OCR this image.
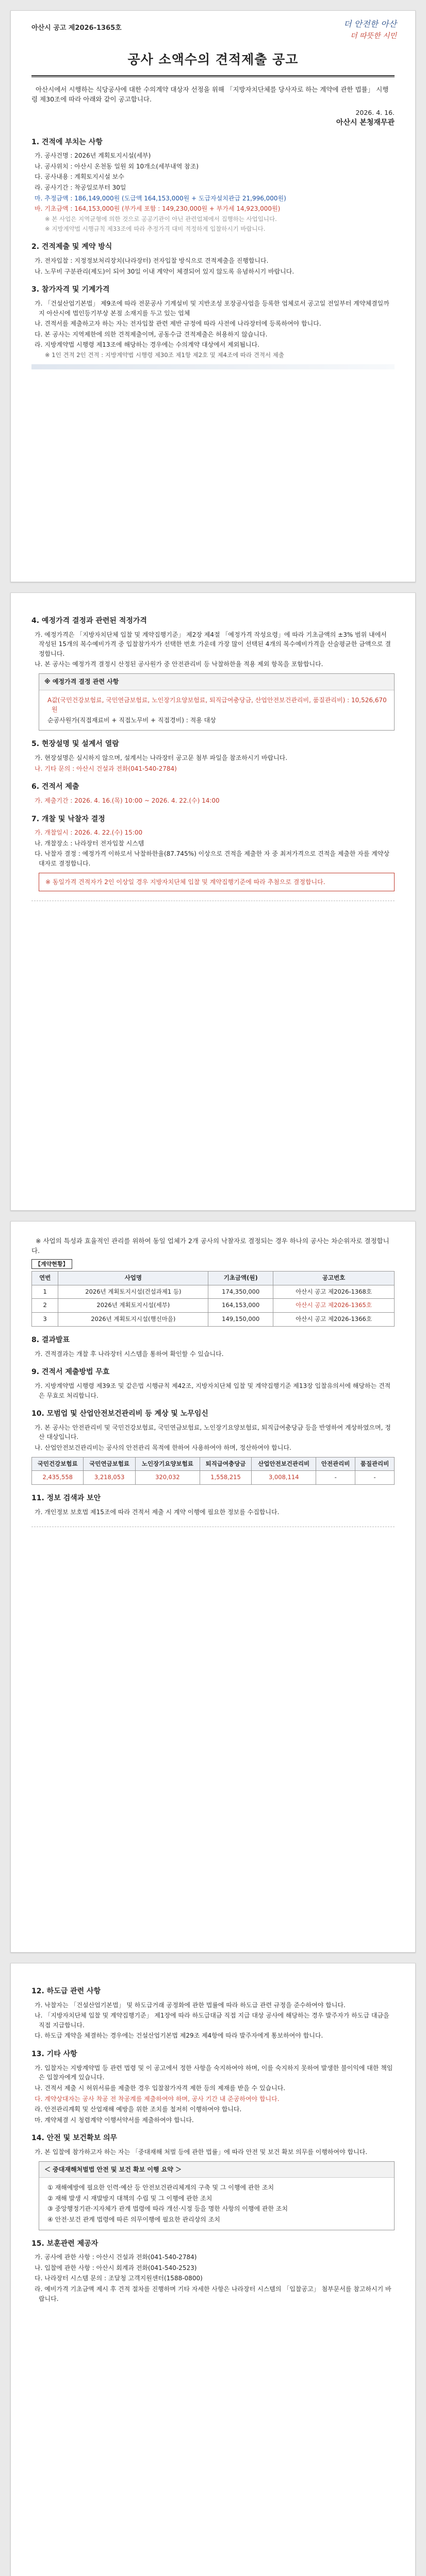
아산시 공고 제2026-1365호	더 안전한 아산
더 따뜻한 시민
공사 소액수의 견적제출 공고
아산시에서 시행하는 식당공사에 대한 수의계약 대상자 선정을 위해 「지방자치단체를 당사자로 하는 계약에 관한 법률」 시행령 제30조에 따라 아래와 같이 공고합니다.
2026. 4. 16.
아산시 본청재무관
1. 견적에 부치는 사항
가. 공사건명 : 2026년 계획토지시설(세부)
나. 공사위치 : 아산시 온천동 일원 외 10개소(세부내역 참조)
다. 공사내용 : 계획토지시설 보수
라. 공사기간 : 착공일로부터 30일
마. 추정금액 : 186,149,000원 (도급액 164,153,000원 + 도급자설치관급 21,996,000원)
바. 기초금액 : 164,153,000원 (부가세 포함 : 149,230,000원 + 부가세 14,923,000원)
※ 본 사업은 지역균형에 의한 것으로 공공기관이 아닌 관련업체에서 집행하는 사업입니다.
※ 지방계약법 시행규칙 제33조에 따라 추정가격 대비 적정하게 입찰하시기 바랍니다.
2. 견적제출 및 계약 방식
가. 전자입찰 : 지정정보처리장치(나라장터) 전자입찰 방식으로 견적제출을 진행합니다.
나. 노무비 구분관리(제도)이 되어 30일 이내 계약이 체결되어 있지 않도록 유념하시기 바랍니다.
3. 참가자격 및 기계가격
가. 「건설산업기본법」 제9조에 따라 전문공사 기계설비 및 지반조성 포장공사업을 등록한 업체로서 공고일 전일부터 계약체결일까지 아산시에 법인등기부상 본점 소재지를 두고 있는 업체
나. 견적서를 제출하고자 하는 자는 전자입찰 관련 제반 규정에 따라 사전에 나라장터에 등록하여야 합니다.
다. 본 공사는 지역제한에 의한 견적제출이며, 공동수급 견적제출은 허용하지 않습니다.
라. 지방계약법 시행령 제13조에 해당하는 경우에는 수의계약 대상에서 제외됩니다.
※ 1인 견적 2인 견적 : 지방계약법 시행령 제30조 제1항 제2호 및 제4조에 따라 견적서 제출
4. 예정가격 결정과 관련된 적정가격
가. 예정가격은 「지방자치단체 입찰 및 계약집행기준」 제2장 제4절 「예정가격 작성요령」에 따라 기초금액의 ±3% 범위 내에서 작성된 15개의 복수예비가격 중 입찰참가자가 선택한 번호 가운데 가장 많이 선택된 4개의 복수예비가격을 산술평균한 금액으로 결정합니다.
나. 본 공사는 예정가격 결정시 산정된 공사원가 중 안전관리비 등 낙찰하한율 적용 제외 항목을 포함합니다.
※ 예정가격 결정 관련 사항
A값(국민건강보험료, 국민연금보험료, 노인장기요양보험료, 퇴직급여충당금, 산업안전보건관리비, 품질관리비) : 10,526,670원
순공사원가(직접재료비 + 직접노무비 + 직접경비) : 적용 대상
5. 현장설명 및 설계서 열람
가. 현장설명은 실시하지 않으며, 설계서는 나라장터 공고문 첨부 파일을 참조하시기 바랍니다.
나. 기타 문의 : 아산시 건설과 전화(041-540-2784)
6. 견적서 제출
가. 제출기간 : 2026. 4. 16.(목) 10:00 ~ 2026. 4. 22.(수) 14:00
7. 개찰 및 낙찰자 결정
가. 개찰일시 : 2026. 4. 22.(수) 15:00
나. 개찰장소 : 나라장터 전자입찰 시스템
다. 낙찰자 결정 : 예정가격 이하로서 낙찰하한율(87.745%) 이상으로 견적을 제출한 자 중 최저가격으로 견적을 제출한 자를 계약상대자로 결정합니다.
※ 동일가격 견적자가 2인 이상일 경우 지방자치단체 입찰 및 계약집행기준에 따라 추첨으로 결정합니다.
※ 사업의 특성과 효율적인 관리를 위하여 동일 업체가 2개 공사의 낙찰자로 결정되는 경우 하나의 공사는 차순위자로 결정합니다.
【계약현황】
연번	사업명	기초금액(원)	공고번호
1	2026년 계획토지시설(건설과제1 등)	174,350,000	아산시 공고 제2026-1368호
2	2026년 계획토지시설(세부)	164,153,000	아산시 공고 제2026-1365호
3	2026년 계획토지시설(행신마을)	149,150,000	아산시 공고 제2026-1366호
8. 결과발표
가. 견적결과는 개찰 후 나라장터 시스템을 통하여 확인할 수 있습니다.
9. 견적서 제출방법 무효
가. 지방계약법 시행령 제39조 및 같은법 시행규칙 제42조, 지방자치단체 입찰 및 계약집행기준 제13장 입찰유의서에 해당하는 견적은 무효로 처리합니다.
10. 모범업 및 산업안전보건관리비 등 계상 및 노무임신
가. 본 공사는 안전관리비 및 국민건강보험료, 국민연금보험료, 노인장기요양보험료, 퇴직급여충당금 등을 반영하여 계상하였으며, 정산 대상입니다.
나. 산업안전보건관리비는 공사의 안전관리 목적에 한하여 사용하여야 하며, 정산하여야 합니다.
국민건강보험료	국민연금보험료	노인장기요양보험료	퇴직급여충당금	산업안전보건관리비	안전관리비	품질관리비
2,435,558	3,218,053	320,032	1,558,215	3,008,114	-	-
11. 정보 검색과 보안
가. 개인정보 보호법 제15조에 따라 견적서 제출 시 계약 이행에 필요한 정보를 수집합니다.
12. 하도급 관련 사항
가. 낙찰자는 「건설산업기본법」 및 하도급거래 공정화에 관한 법률에 따라 하도급 관련 규정을 준수하여야 합니다.
나. 「지방자치단체 입찰 및 계약집행기준」 제1장에 따라 하도급대금 직접 지급 대상 공사에 해당하는 경우 발주자가 하도급 대금을 직접 지급합니다.
다. 하도급 계약을 체결하는 경우에는 건설산업기본법 제29조 제4항에 따라 발주자에게 통보하여야 합니다.
13. 기타 사항
가. 입찰자는 지방계약법 등 관련 법령 및 이 공고에서 정한 사항을 숙지하여야 하며, 이를 숙지하지 못하여 발생한 불이익에 대한 책임은 입찰자에게 있습니다.
나. 견적서 제출 시 허위서류를 제출한 경우 입찰참가자격 제한 등의 제재를 받을 수 있습니다.
다. 계약상대자는 공사 착공 전 착공계를 제출하여야 하며, 공사 기간 내 준공하여야 합니다.
라. 안전관리계획 및 산업재해 예방을 위한 조치를 철저히 이행하여야 합니다.
마. 계약체결 시 청렴계약 이행서약서를 제출하여야 합니다.
14. 안전 및 보건확보 의무
가. 본 입찰에 참가하고자 하는 자는 「중대재해 처벌 등에 관한 법률」에 따라 안전 및 보건 확보 의무를 이행하여야 합니다.
＜ 중대재해처벌법 안전 및 보건 확보 이행 요약 ＞
① 재해예방에 필요한 인력·예산 등 안전보건관리체계의 구축 및 그 이행에 관한 조치
② 재해 발생 시 재발방지 대책의 수립 및 그 이행에 관한 조치
③ 중앙행정기관·지자체가 관계 법령에 따라 개선·시정 등을 명한 사항의 이행에 관한 조치
④ 안전·보건 관계 법령에 따른 의무이행에 필요한 관리상의 조치
15. 보훈관련 제공자
가. 공사에 관한 사항 : 아산시 건설과 전화(041-540-2784)
나. 입찰에 관한 사항 : 아산시 회계과 전화(041-540-2523)
다. 나라장터 시스템 문의 : 조달청 고객지원센터(1588-0800)
라. 예비가격 기초금액 제시 후 견적 절차를 진행하며 기타 자세한 사항은 나라장터 시스템의 「입찰공고」 첨부문서를 참고하시기 바랍니다.
